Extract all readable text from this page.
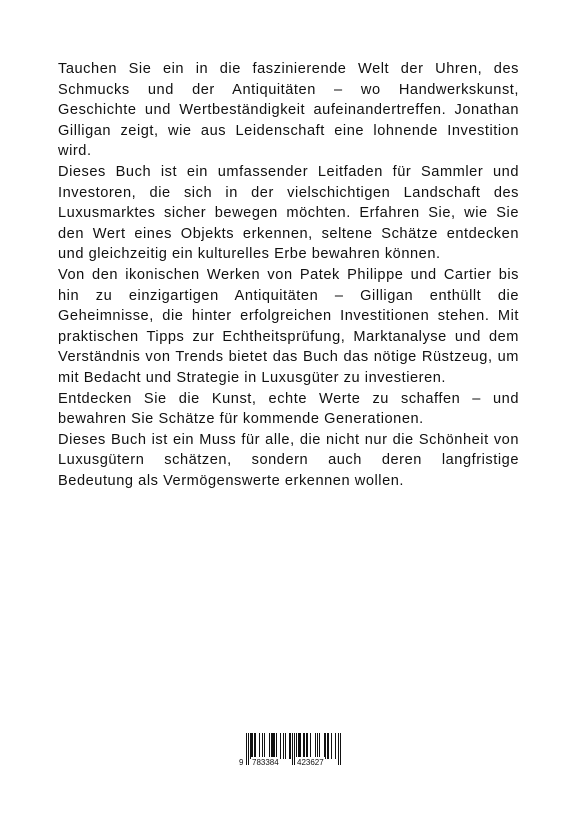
Tauchen Sie ein in die faszinierende Welt der Uhren, des Schmucks und der Antiquitäten – wo Handwerkskunst, Geschichte und Wertbeständigkeit aufeinandertreffen. Jonathan Gilligan zeigt, wie aus Leidenschaft eine lohnende Investition wird.

Dieses Buch ist ein umfassender Leitfaden für Sammler und Investoren, die sich in der vielschichtigen Landschaft des Luxusmarktes sicher bewegen möchten. Erfahren Sie, wie Sie den Wert eines Objekts erkennen, seltene Schätze entdecken und gleichzeitig ein kulturelles Erbe bewahren können.

Von den ikonischen Werken von Patek Philippe und Cartier bis hin zu einzigartigen Antiquitäten – Gilligan enthüllt die Geheimnisse, die hinter erfolgreichen Investitionen stehen. Mit praktischen Tipps zur Echtheitsprüfung, Marktanalyse und dem Verständnis von Trends bietet das Buch das nötige Rüstzeug, um mit Bedacht und Strategie in Luxusgüter zu investieren.

Entdecken Sie die Kunst, echte Werte zu schaffen – und bewahren Sie Schätze für kommende Generationen.

Dieses Buch ist ein Muss für alle, die nicht nur die Schönheit von Luxusgütern schätzen, sondern auch deren langfristige Bedeutung als Vermögenswerte erkennen wollen.

9 783384 423627
